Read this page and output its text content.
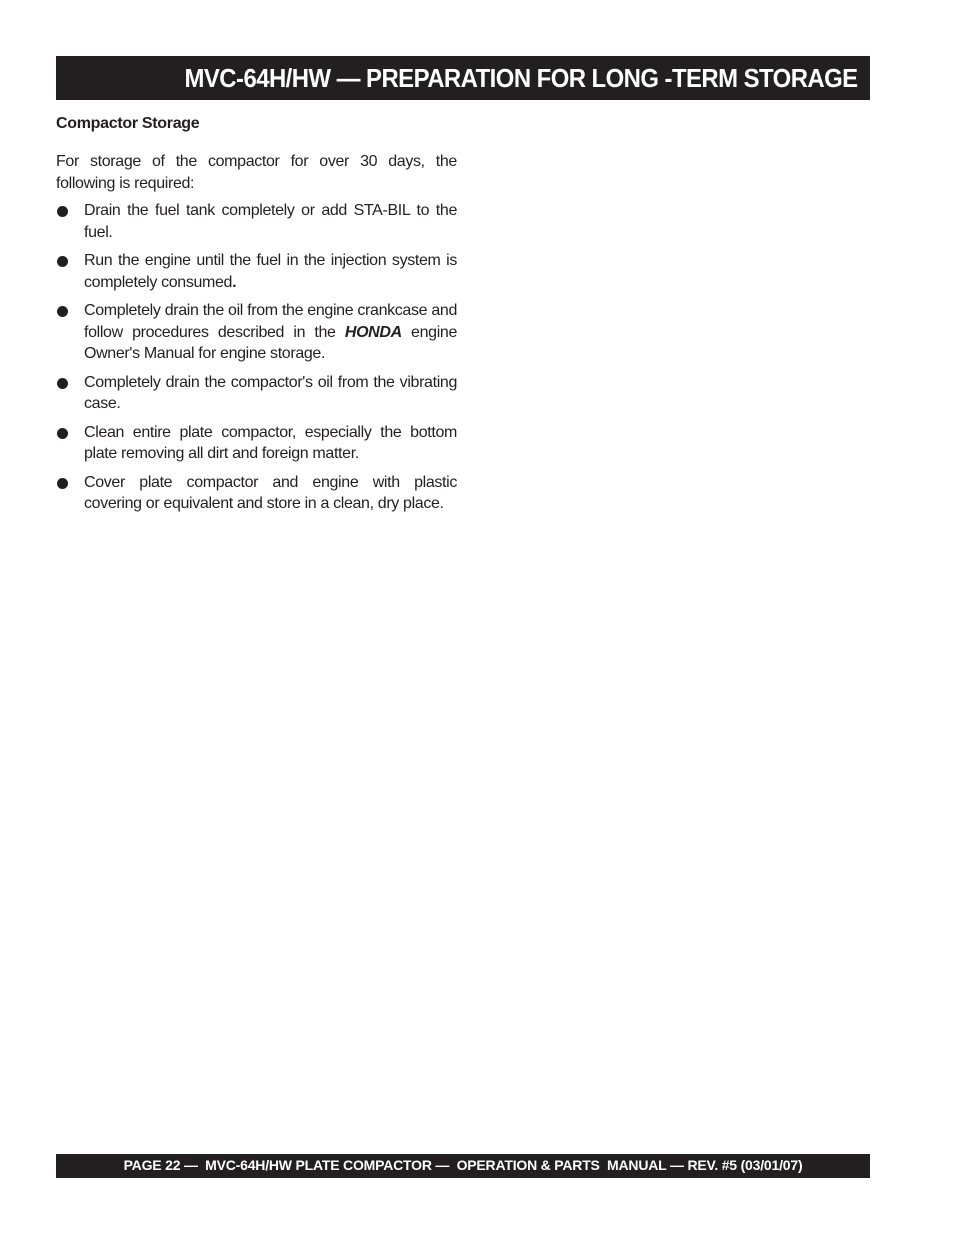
MVC-64H/HW — PREPARATION FOR LONG -TERM STORAGE
Compactor Storage

For storage of the compactor for over 30 days, the following is required:

Drain the fuel tank completely or add STA-BIL to the fuel.
Run the engine until the fuel in the injection system is completely consumed.
Completely drain the oil from the engine crankcase and follow procedures described in the HONDA engine Owner's Manual for engine storage.
Completely drain the compactor's oil from the vibrating case.
Clean entire plate compactor, especially the bottom plate removing all dirt and foreign matter.
Cover plate compactor and engine with plastic covering or equivalent and store in a clean, dry place.
PAGE 22 —  MVC-64H/HW PLATE COMPACTOR —  OPERATION & PARTS  MANUAL — REV. #5 (03/01/07)
